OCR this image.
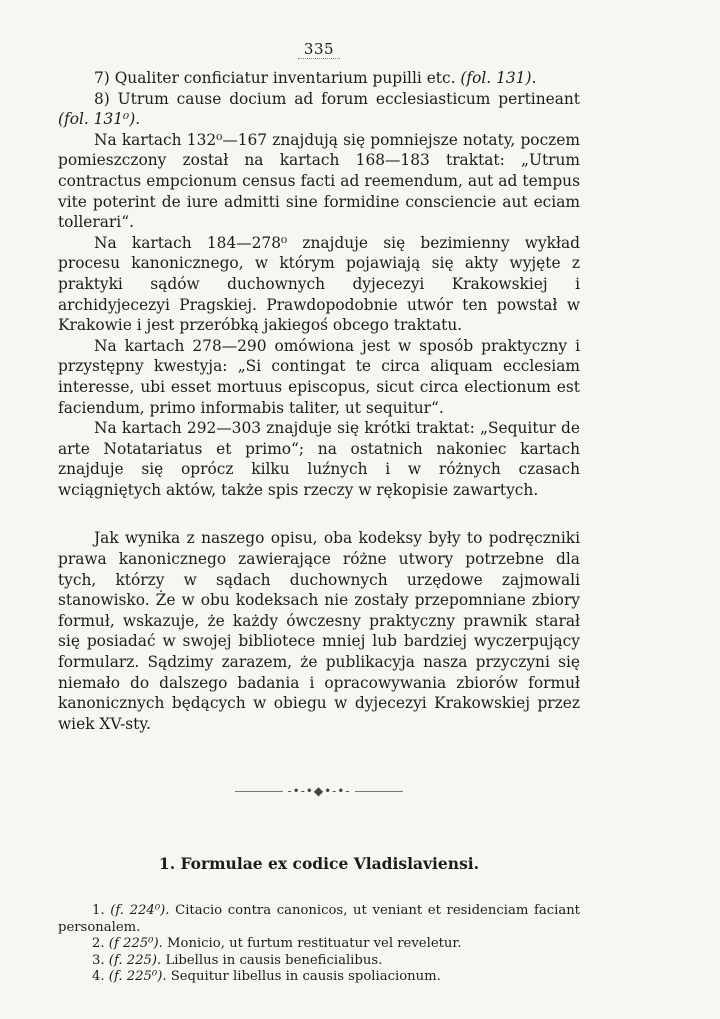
335

7) Qualiter conficiatur inventarium pupilli etc. (fol. 131).

8) Utrum cause docium ad forum ecclesiasticum pertineant (fol. 131⁰).

Na kartach 132⁰—167 znajdują się pomniejsze notaty, poczem pomieszczony został na kartach 168—183 traktat: „Utrum contractus empcionum census facti ad reemendum, aut ad tempus vite poterint de iure admitti sine formidine consciencie aut eciam tollerari“.

Na kartach 184—278⁰ znajduje się bezimienny wykład procesu kanonicznego, w którym pojawiają się akty wyjęte z praktyki sądów duchownych dyjecezyi Krakowskiej i archidyjecezyi Pragskiej. Prawdopodobnie utwór ten powstał w Krakowie i jest przeróbką jakiegoś obcego traktatu.

Na kartach 278—290 omówiona jest w sposób praktyczny i przystępny kwestyja: „Si contingat te circa aliquam ecclesiam interesse, ubi esset mortuus episcopus, sicut circa electionum est faciendum, primo informabis taliter, ut sequitur“.

Na kartach 292—303 znajduje się krótki traktat: „Sequitur de arte Notatariatus et primo“; na ostatnich nakoniec kartach znajduje się oprócz kilku luźnych i w różnych czasach wciągniętych aktów, także spis rzeczy w rękopisie zawartych.

Jak wynika z naszego opisu, oba kodeksy były to podręczniki prawa kanonicznego zawierające różne utwory potrzebne dla tych, którzy w sądach duchownych urzędowe zajmowali stanowisko. Że w obu kodeksach nie zostały przepomniane zbiory formuł, wskazuje, że każdy ówczesny praktyczny prawnik starał się posiadać w swojej bibliotece mniej lub bardziej wyczerpujący formularz. Sądzimy zarazem, że publikacyja nasza przyczyni się niemało do dalszego badania i opracowywania zbiorów formuł kanonicznych będących w obiegu w dyjecezyi Krakowskiej przez wiek XV-sty.

-•-•◆•-•-
1. Formulae ex codice Vladislaviensi.

1. (f. 224⁰). Citacio contra canonicos, ut veniant et residenciam faciant personalem.

2. (f 225⁰). Monicio, ut furtum restituatur vel reveletur.

3. (f. 225). Libellus in causis beneficialibus.

4. (f. 225⁰). Sequitur libellus in causis spoliacionum.
